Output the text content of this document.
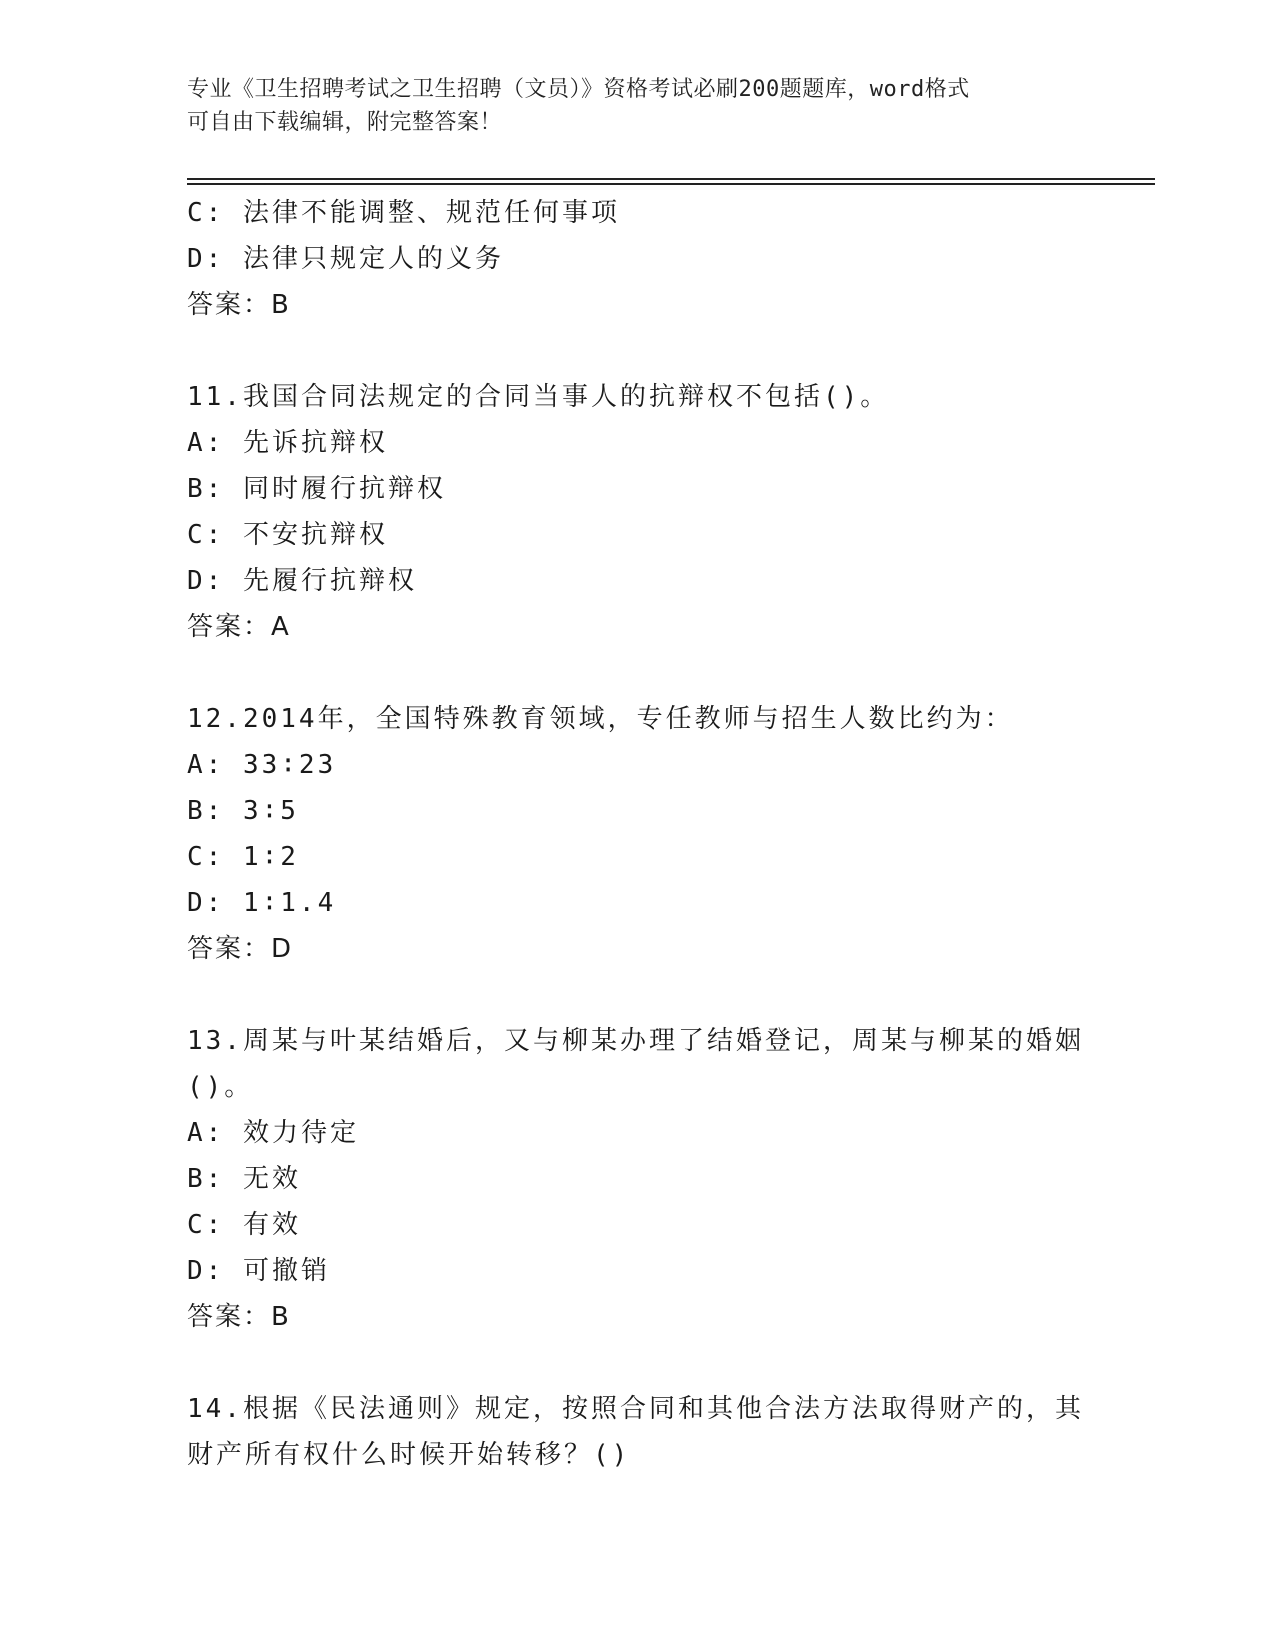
专业《卫生招聘考试之卫生招聘（文员）》资格考试必刷200题题库，word格式
可自由下载编辑，附完整答案！
C: 法律不能调整、规范任何事项
D: 法律只规定人的义务
答案：B
11.我国合同法规定的合同当事人的抗辩权不包括()。
A: 先诉抗辩权
B: 同时履行抗辩权
C: 不安抗辩权
D: 先履行抗辩权
答案：A
12.2014年，全国特殊教育领域，专任教师与招生人数比约为：
A: 33∶23
B: 3∶5
C: 1∶2
D: 1∶1.4
答案：D
13.周某与叶某结婚后，又与柳某办理了结婚登记，周某与柳某的婚姻()。
A: 效力待定
B: 无效
C: 有效
D: 可撤销
答案：B
14.根据《民法通则》规定，按照合同和其他合法方法取得财产的，其财产所有权什么时候开始转移？()
